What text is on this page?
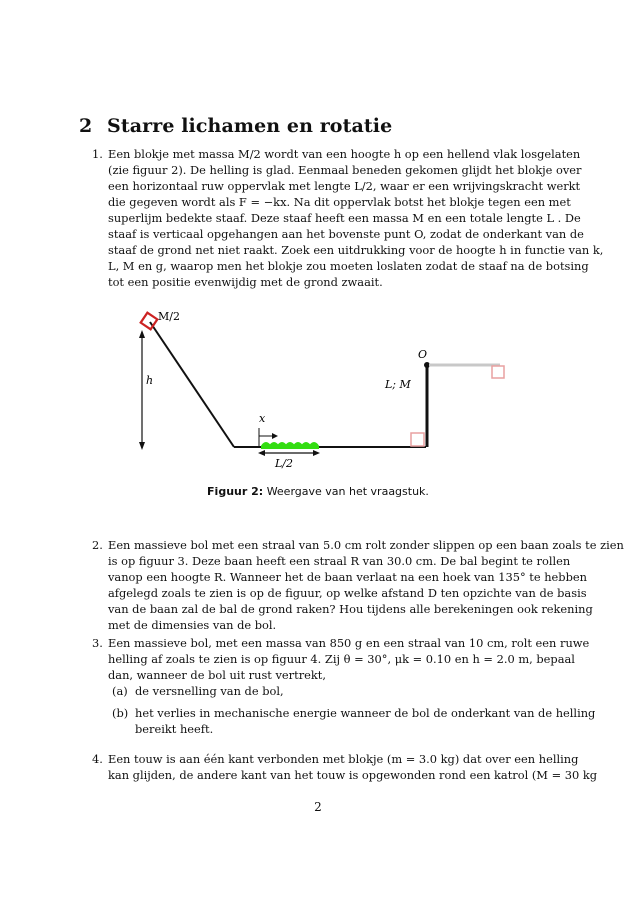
2 Starre lichamen en rotatie
1. Een blokje met massa M/2 wordt van een hoogte h op een hellend vlak losgelaten
(zie figuur 2). De helling is glad. Eenmaal beneden gekomen glijdt het blokje over
een horizontaal ruw oppervlak met lengte L/2, waar er een wrijvingskracht werkt
die gegeven wordt als F = −kx. Na dit oppervlak botst het blokje tegen een met
superlijm bedekte staaf. Deze staaf heeft een massa M en een totale lengte L . De
staaf is verticaal opgehangen aan het bovenste punt O, zodat de onderkant van de
staaf de grond net niet raakt. Zoek een uitdrukking voor de hoogte h in functie van k,
L, M en g, waarop men het blokje zou moeten loslaten zodat de staaf na de botsing
tot een positie evenwijdig met de grond zwaait.
M/2
h
x
L/2
O
L; M
Figuur 2: Weergave van het vraagstuk.
2. Een massieve bol met een straal van 5.0 cm rolt zonder slippen op een baan zoals te zien
is op figuur 3. Deze baan heeft een straal R van 30.0 cm. De bal begint te rollen
vanop een hoogte R. Wanneer het de baan verlaat na een hoek van 135° te hebben
afgelegd zoals te zien is op de figuur, op welke afstand D ten opzichte van de basis
van de baan zal de bal de grond raken? Hou tijdens alle berekeningen ook rekening
met de dimensies van de bol.
3. Een massieve bol, met een massa van 850 g en een straal van 10 cm, rolt een ruwe
helling af zoals te zien is op figuur 4. Zij θ = 30°, μk = 0.10 en h = 2.0 m, bepaal
dan, wanneer de bol uit rust vertrekt,
(a) de versnelling van de bol,
(b) het verlies in mechanische energie wanneer de bol de onderkant van de helling
bereikt heeft.
4. Een touw is aan één kant verbonden met blokje (m = 3.0 kg) dat over een helling
kan glijden, de andere kant van het touw is opgewonden rond een katrol (M = 30 kg
2
